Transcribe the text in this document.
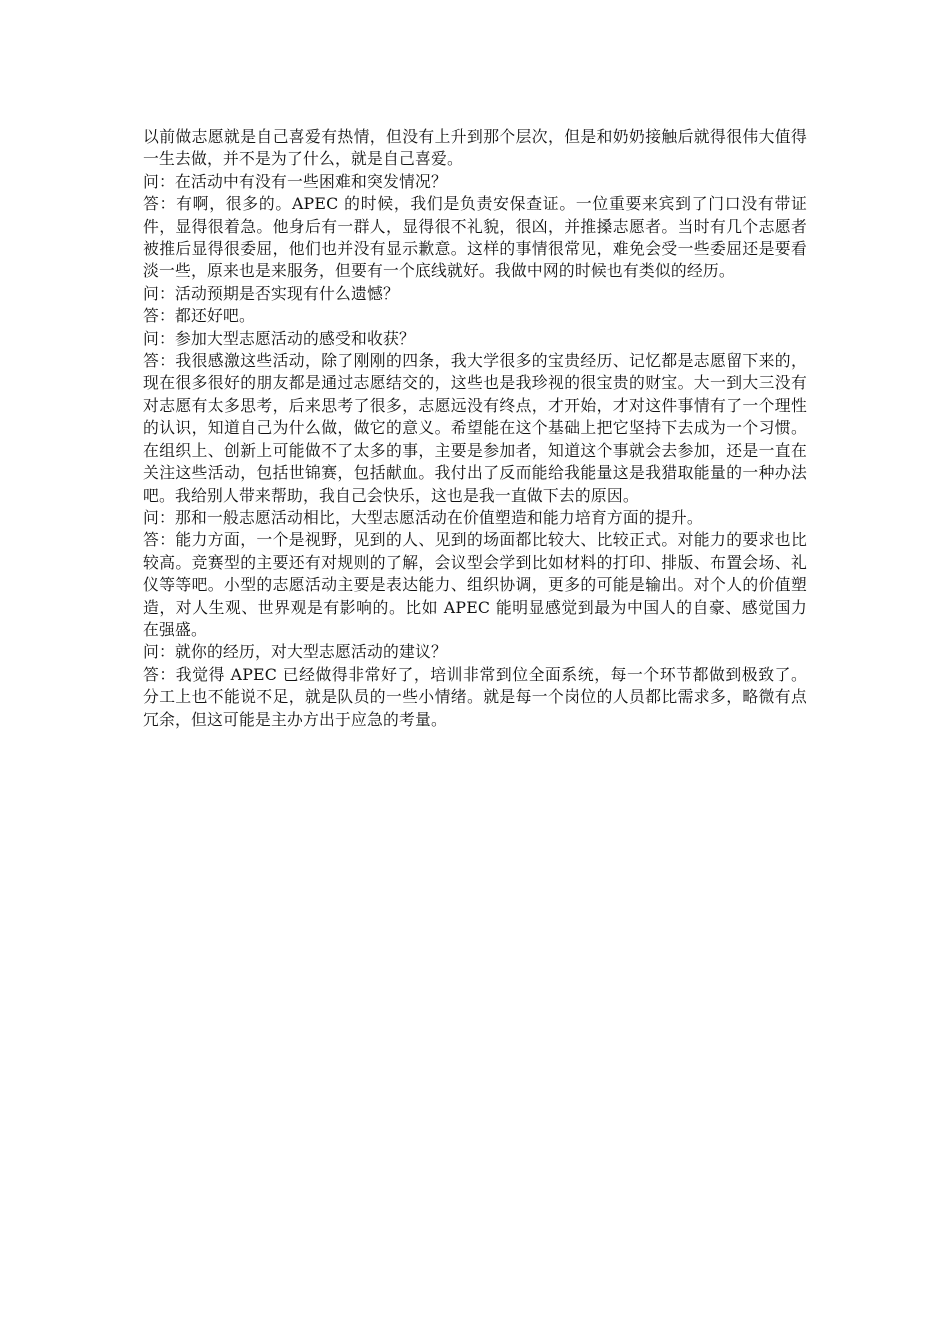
以前做志愿就是自己喜爱有热情，但没有上升到那个层次，但是和奶奶接触后就得很伟大值得一生去做，并不是为了什么，就是自己喜爱。

问：在活动中有没有一些困难和突发情况？

答：有啊，很多的。APEC 的时候，我们是负责安保查证。一位重要来宾到了门口没有带证件，显得很着急。他身后有一群人，显得很不礼貌，很凶，并推搡志愿者。当时有几个志愿者被推后显得很委屈，他们也并没有显示歉意。这样的事情很常见，难免会受一些委屈还是要看淡一些，原来也是来服务，但要有一个底线就好。我做中网的时候也有类似的经历。

问：活动预期是否实现有什么遗憾？

答：都还好吧。

问：参加大型志愿活动的感受和收获？

答：我很感激这些活动，除了刚刚的四条，我大学很多的宝贵经历、记忆都是志愿留下来的，现在很多很好的朋友都是通过志愿结交的，这些也是我珍视的很宝贵的财宝。大一到大三没有对志愿有太多思考，后来思考了很多，志愿远没有终点，才开始，才对这件事情有了一个理性的认识，知道自己为什么做，做它的意义。希望能在这个基础上把它坚持下去成为一个习惯。在组织上、创新上可能做不了太多的事，主要是参加者，知道这个事就会去参加，还是一直在关注这些活动，包括世锦赛，包括献血。我付出了反而能给我能量这是我猎取能量的一种办法吧。我给别人带来帮助，我自己会快乐，这也是我一直做下去的原因。

问：那和一般志愿活动相比，大型志愿活动在价值塑造和能力培育方面的提升。

答：能力方面，一个是视野，见到的人、见到的场面都比较大、比较正式。对能力的要求也比较高。竞赛型的主要还有对规则的了解，会议型会学到比如材料的打印、排版、布置会场、礼仪等等吧。小型的志愿活动主要是表达能力、组织协调，更多的可能是输出。对个人的价值塑造，对人生观、世界观是有影响的。比如 APEC 能明显感觉到最为中国人的自豪、感觉国力在强盛。

问：就你的经历，对大型志愿活动的建议？

答：我觉得 APEC 已经做得非常好了，培训非常到位全面系统，每一个环节都做到极致了。分工上也不能说不足，就是队员的一些小情绪。就是每一个岗位的人员都比需求多，略微有点冗余，但这可能是主办方出于应急的考量。
